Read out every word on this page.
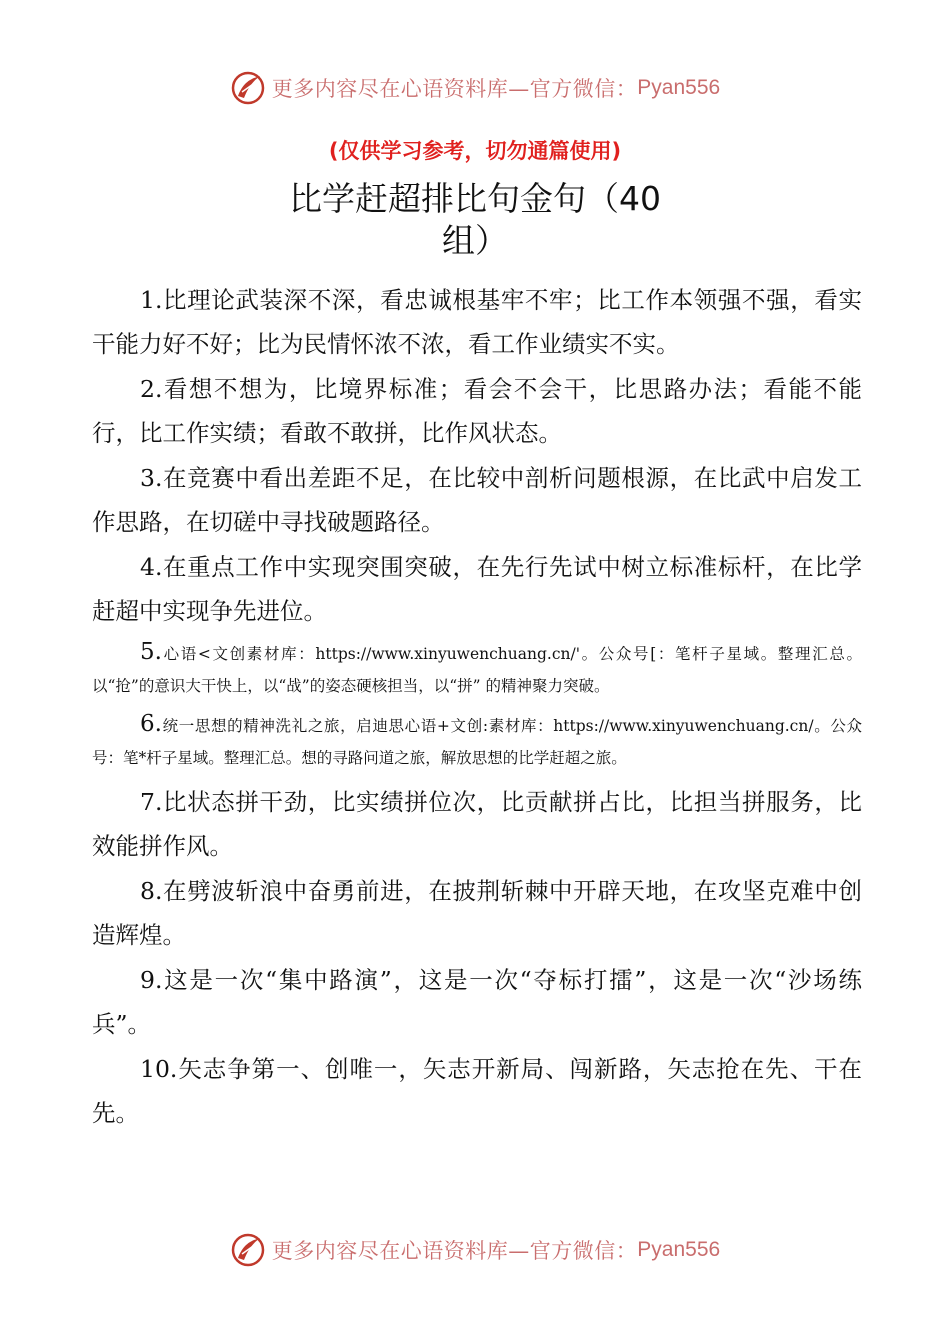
更多内容尽在心语资料库—官方微信： Pyan556
(仅供学习参考，切勿通篇使用)
比学赶超排比句金句（40
组）

1.比理论武装深不深，看忠诚根基牢不牢；比工作本领强不强，看实干能力好不好；比为民情怀浓不浓，看工作业绩实不实。

2.看想不想为，比境界标准；看会不会干，比思路办法；看能不能行，比工作实绩；看敢不敢拼，比作风状态。

3.在竞赛中看出差距不足，在比较中剖析问题根源，在比武中启发工作思路，在切磋中寻找破题路径。

4.在重点工作中实现突围突破，在先行先试中树立标准标杆，在比学赶超中实现争先进位。

5.心语<文创素材库：https://www.xinyuwenchuang.cn/'。公众号[：笔杆子星域。整理汇总。以“抢”的意识大干快上，以“战”的姿态硬核担当，以“拼” 的精神聚力突破。

6.统一思想的精神洗礼之旅，启迪思心语+文创:素材库：https://www.xinyuwenchuang.cn/。公众号：笔*杆子星域。整理汇总。想的寻路问道之旅，解放思想的比学赶超之旅。

7.比状态拼干劲，比实绩拼位次，比贡献拼占比，比担当拼服务，比效能拼作风。

8.在劈波斩浪中奋勇前进，在披荆斩棘中开辟天地，在攻坚克难中创造辉煌。

9.这是一次“集中路演”，这是一次“夺标打擂”，这是一次“沙场练兵”。

10.矢志争第一、创唯一，矢志开新局、闯新路，矢志抢在先、干在先。

更多内容尽在心语资料库—官方微信： Pyan556
